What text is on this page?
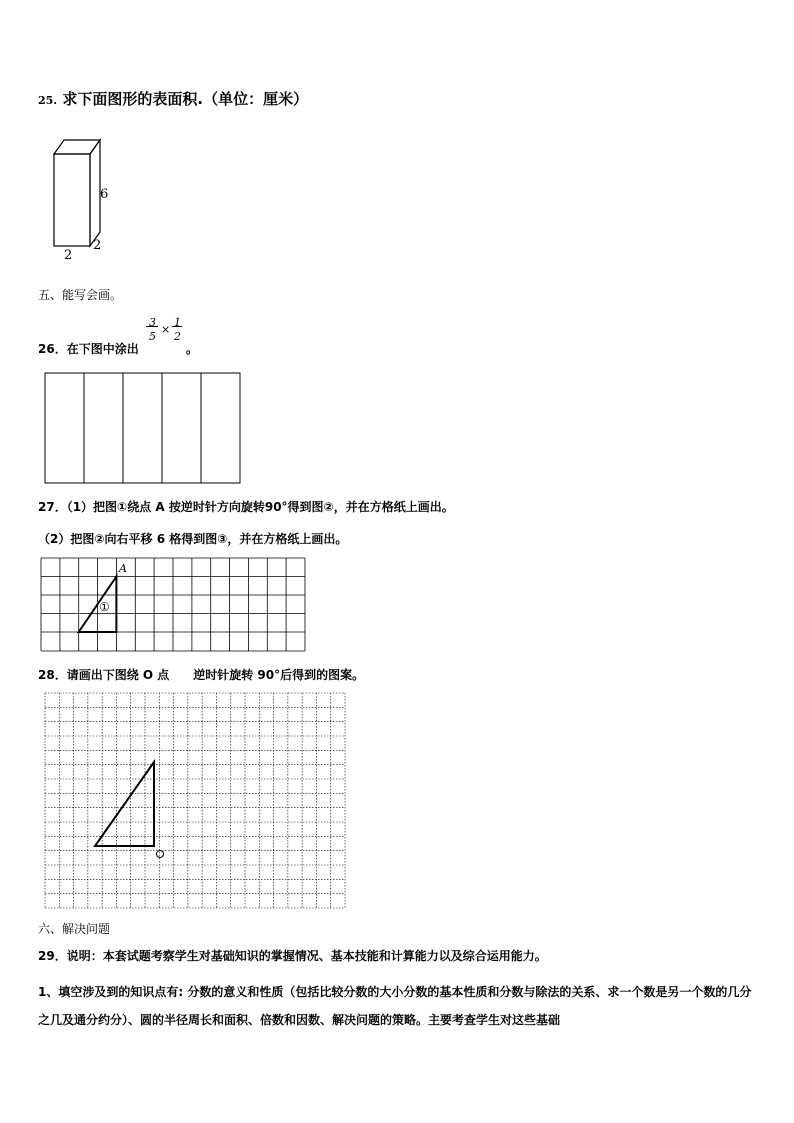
25. 求下面图形的表面积.（单位：厘米）
6
2
2
五、能写会画。
26．在下图中涂出
3
5
×
1
2
。
27．（1）把图①绕点 A 按逆时针方向旋转90°得到图②，并在方格纸上画出。
（2）把图②向右平移 6 格得到图③，并在方格纸上画出。
A
①
28．请画出下图绕 O 点　　逆时针旋转 90°后得到的图案。
六、解决问题
29．说明：本套试题考察学生对基础知识的掌握情况、基本技能和计算能力以及综合运用能力。
1、填空涉及到的知识点有: 分数的意义和性质（包括比较分数的大小分数的基本性质和分数与除法的关系、求一个数是另一个数的几分之几及通分约分）、圆的半径周长和面积、倍数和因数、解决问题的策略。主要考查学生对这些基础
